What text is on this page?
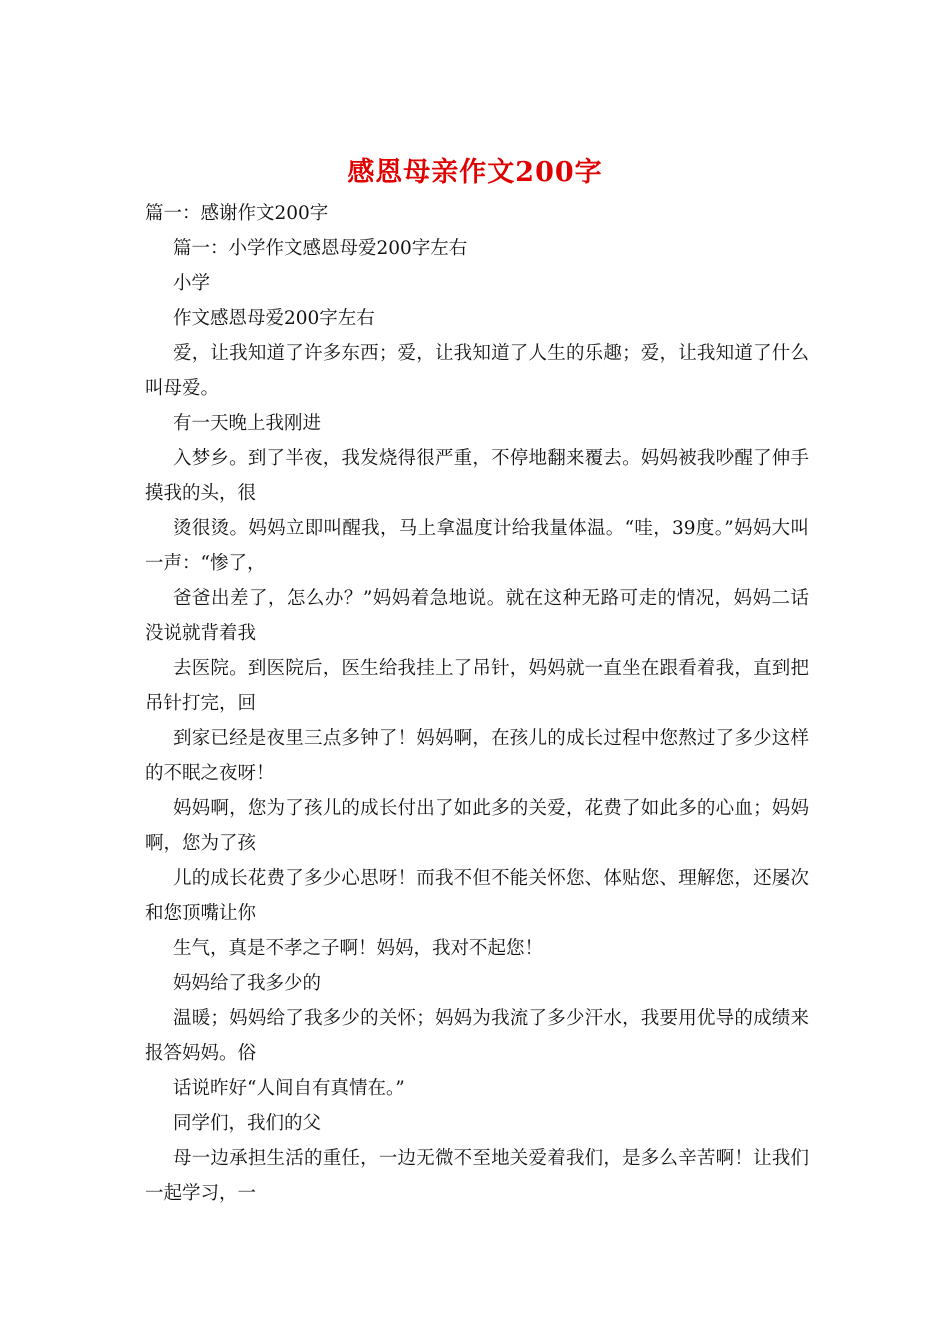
感恩母亲作文200字

篇一：感谢作文200字

篇一：小学作文感恩母爱200字左右

小学

作文感恩母爱200字左右

爱，让我知道了许多东西；爱，让我知道了人生的乐趣；爱，让我知道了什么叫母爱。

有一天晚上我刚进

入梦乡。到了半夜，我发烧得很严重，不停地翻来覆去。妈妈被我吵醒了伸手摸我的头，很

烫很烫。妈妈立即叫醒我，马上拿温度计给我量体温。“哇，39度。”妈妈大叫一声：“惨了，

爸爸出差了，怎么办？”妈妈着急地说。就在这种无路可走的情况，妈妈二话没说就背着我

去医院。到医院后，医生给我挂上了吊针，妈妈就一直坐在跟看着我，直到把吊针打完，回

到家已经是夜里三点多钟了！妈妈啊，在孩儿的成长过程中您熬过了多少这样的不眠之夜呀！

妈妈啊，您为了孩儿的成长付出了如此多的关爱，花费了如此多的心血；妈妈啊，您为了孩

儿的成长花费了多少心思呀！而我不但不能关怀您、体贴您、理解您，还屡次和您顶嘴让你

生气，真是不孝之子啊！妈妈，我对不起您！

妈妈给了我多少的

温暖；妈妈给了我多少的关怀；妈妈为我流了多少汗水，我要用优导的成绩来报答妈妈。俗

话说昨好“人间自有真情在。”

同学们，我们的父

母一边承担生活的重任，一边无微不至地关爱着我们，是多么辛苦啊！让我们一起学习，一
